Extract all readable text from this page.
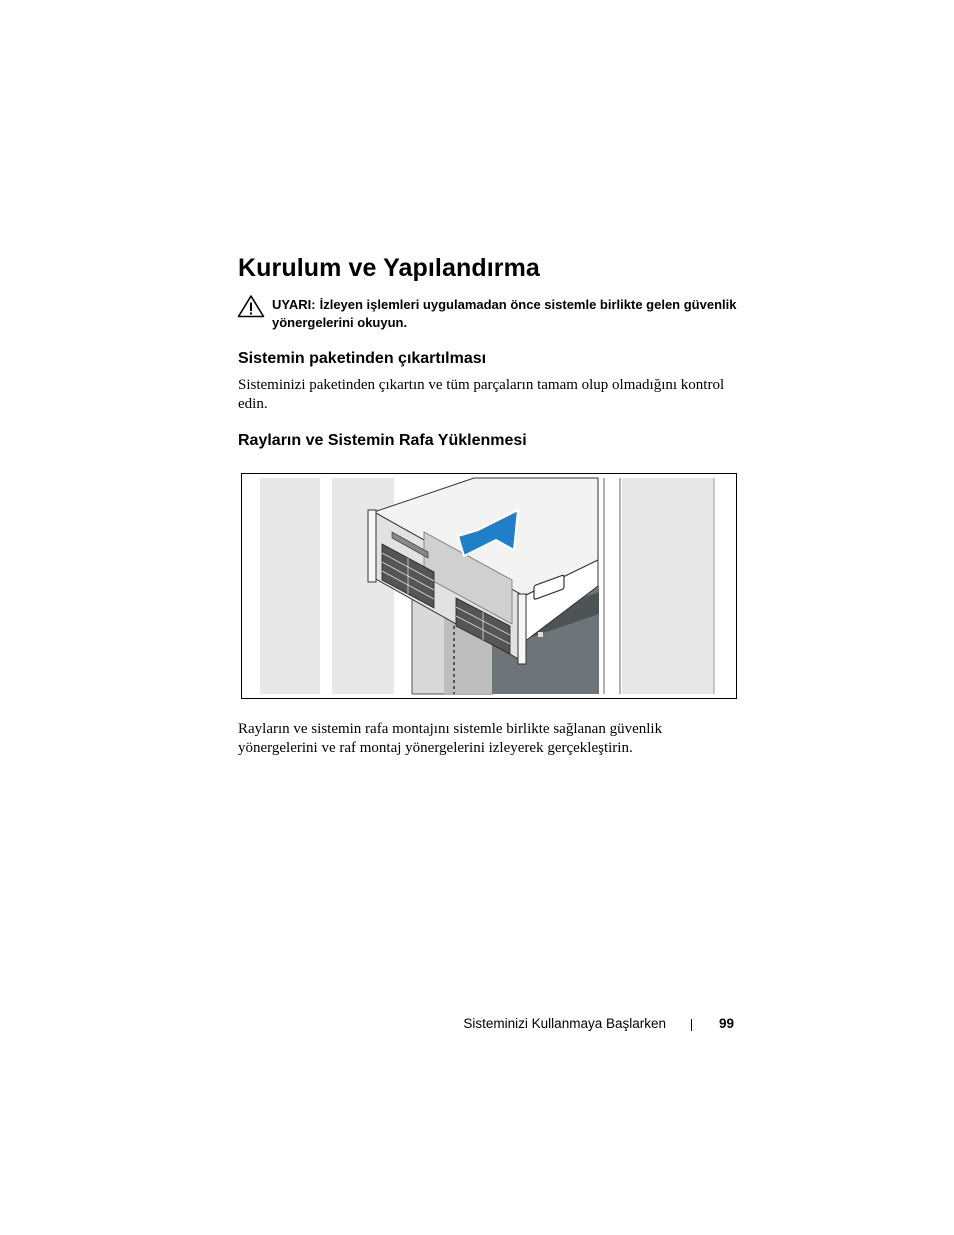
Kurulum ve Yapılandırma
UYARI: İzleyen işlemleri uygulamadan önce sistemle birlikte gelen güvenlik yönergelerini okuyun.
Sistemin paketinden çıkartılması

Sisteminizi paketinden çıkartın ve tüm parçaların tamam olup olmadığını kontrol edin.

Rayların ve Sistemin Rafa Yüklenmesi

Rayların ve sistemin rafa montajını sistemle birlikte sağlanan güvenlik yönergelerini ve raf montaj yönergelerini izleyerek gerçekleştirin.

Sisteminizi Kullanmaya Başlarken	99
